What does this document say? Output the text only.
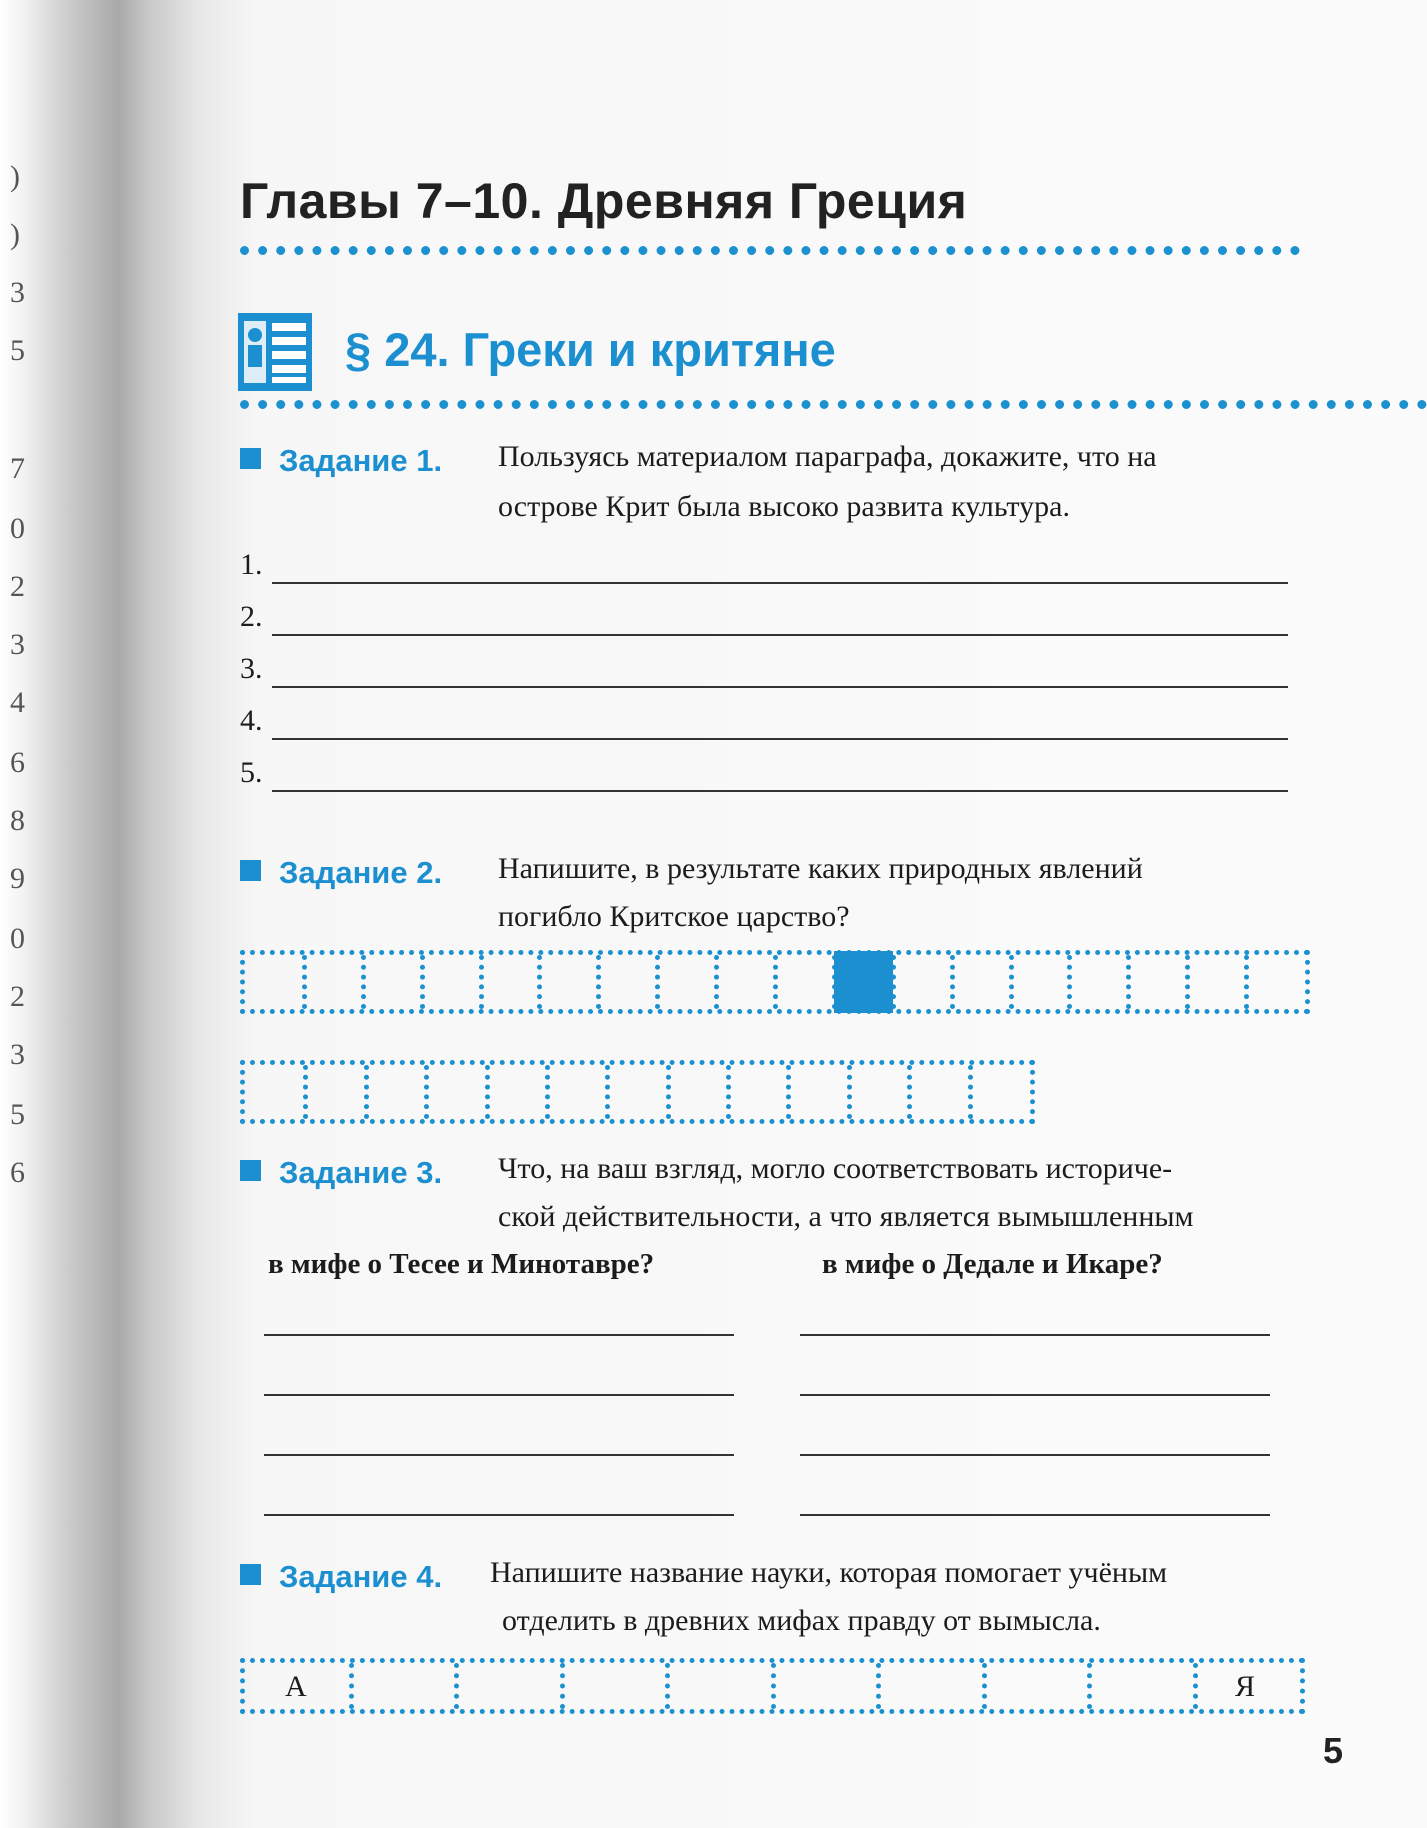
)
)
3
5
7
0
2
3
4
6
8
9
0
2
3
5
6
Главы 7–10. Древняя Греция
§ 24. Греки и критяне
Задание 1. Пользуясь материалом параграфа, докажите, что на
острове Крит была высоко развита культура.
1.
2.
3.
4.
5.
Задание 2. Напишите, в результате каких природных явлений
погибло Критское царство?
Задание 3. Что, на ваш взгляд, могло соответствовать историче-
ской действительности, а что является вымышленным
в мифе о Тесее и Минотавре?	в мифе о Дедале и Икаре?
Задание 4. Напишите название науки, которая помогает учёным
отделить в древних мифах правду от вымысла.
А	Я
5
